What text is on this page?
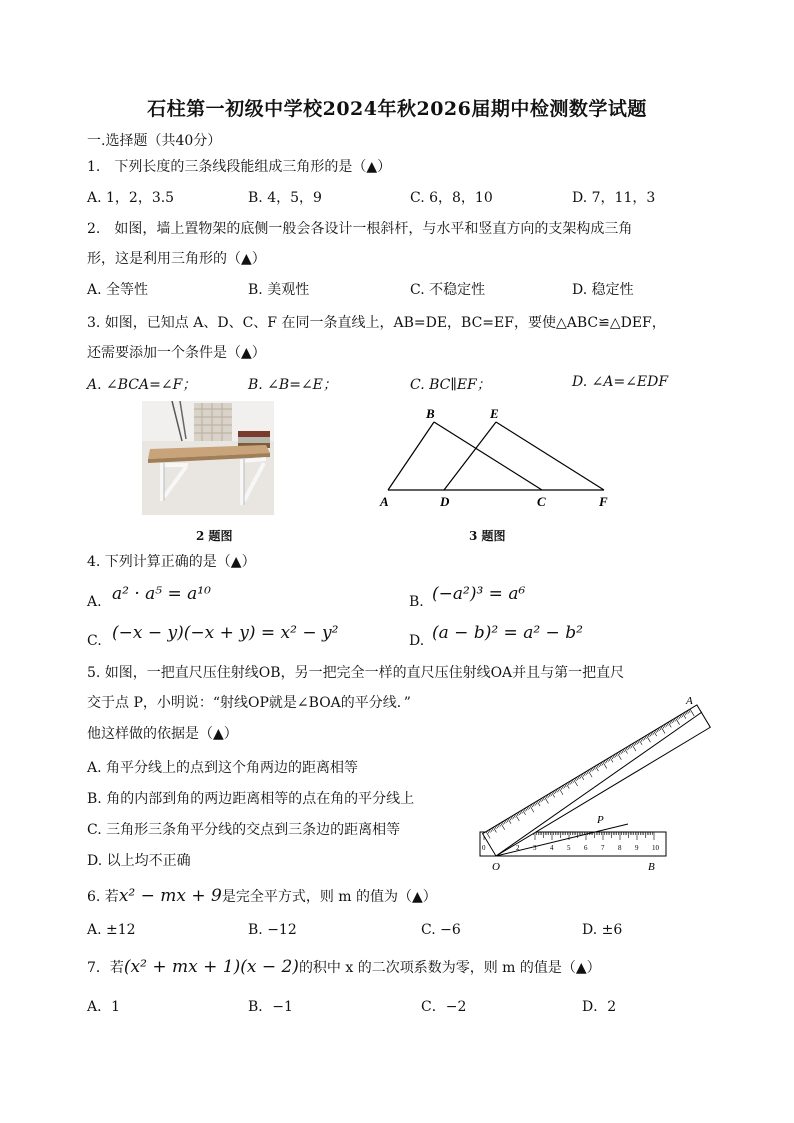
石柱第一初级中学校2024年秋2026届期中检测数学试题
一.选择题（共40分）
1.　下列长度的三条线段能组成三角形的是（▲）
A. 1，2，3.5	B. 4，5，9	C. 6，8，10	D. 7，11，3
2.　如图，墙上置物架的底侧一般会各设计一根斜杆，与水平和竖直方向的支架构成三角
形，这是利用三角形的（▲）
A. 全等性	B. 美观性	C. 不稳定性	D. 稳定性
3. 如图，已知点 A、D、C、F 在同一条直线上，AB=DE，BC=EF，要使△ABC≌△DEF，
还需要添加一个条件是（▲）
A. ∠BCA=∠F；	B. ∠B=∠E；	C. BC∥EF；	D. ∠A=∠EDF
2 题图
B	E
A	D	C	F
3 题图
4. 下列计算正确的是（▲）
A. a² · a⁵ = a¹⁰	B. (−a²)³ = a⁶
C. (−x − y)(−x + y) = x² − y²	D. (a − b)² = a² − b²
5. 如图，一把直尺压住射线OB，另一把完全一样的直尺压住射线OA并且与第一把直尺
交于点 P，小明说：“射线OP就是∠BOA的平分线．”
他这样做的依据是（▲）
A. 角平分线上的点到这个角两边的距离相等
B. 角的内部到角的两边距离相等的点在角的平分线上
C. 三角形三条角平分线的交点到三条边的距离相等
D. 以上均不正确
0	2 3 4 5 6 7 8 9 10
A
P
O	B
6. 若x² − mx + 9是完全平方式，则 m 的值为（▲）
A. ±12	B. −12	C. −6	D. ±6
7．若(x² + mx + 1)(x − 2)的积中 x 的二次项系数为零，则 m 的值是（▲）
A．1	B．−1	C．−2	D．2
